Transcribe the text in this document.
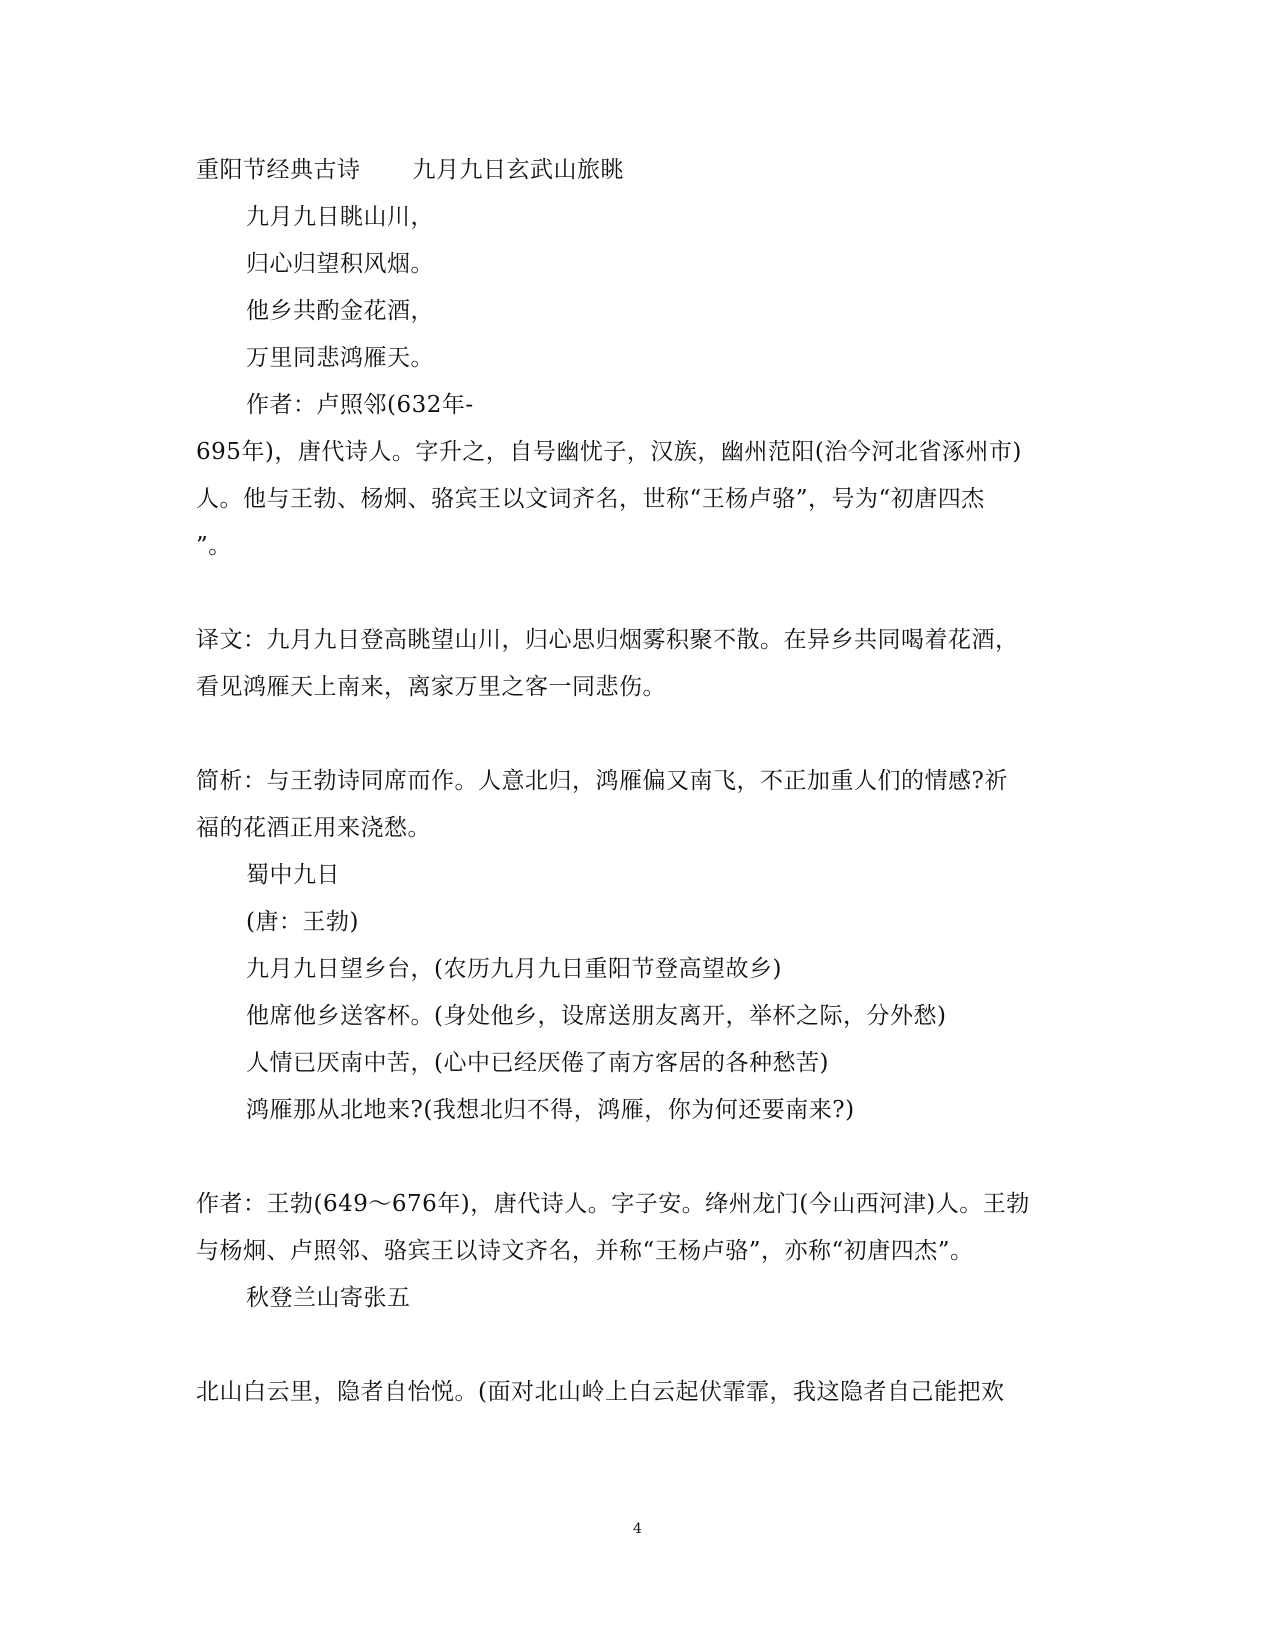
重阳节经典古诗 九月九日玄武山旅眺
九月九日眺山川，
归心归望积风烟。
他乡共酌金花酒，
万里同悲鸿雁天。
作者：卢照邻(632年-
695年)，唐代诗人。字升之，自号幽忧子，汉族，幽州范阳(治今河北省涿州市)
人。他与王勃、杨炯、骆宾王以文词齐名，世称“王杨卢骆”，号为“初唐四杰
”。
译文：九月九日登高眺望山川，归心思归烟雾积聚不散。在异乡共同喝着花酒，
看见鸿雁天上南来，离家万里之客一同悲伤。
简析：与王勃诗同席而作。人意北归，鸿雁偏又南飞，不正加重人们的情感?祈
福的花酒正用来浇愁。
蜀中九日
(唐：王勃)
九月九日望乡台，(农历九月九日重阳节登高望故乡)
他席他乡送客杯。(身处他乡，设席送朋友离开，举杯之际，分外愁)
人情已厌南中苦，(心中已经厌倦了南方客居的各种愁苦)
鸿雁那从北地来?(我想北归不得，鸿雁，你为何还要南来?)
作者：王勃(649～676年)，唐代诗人。字子安。绛州龙门(今山西河津)人。王勃
与杨炯、卢照邻、骆宾王以诗文齐名，并称“王杨卢骆”，亦称“初唐四杰”。
秋登兰山寄张五
北山白云里，隐者自怡悦。(面对北山岭上白云起伏霏霏，我这隐者自己能把欢
4
